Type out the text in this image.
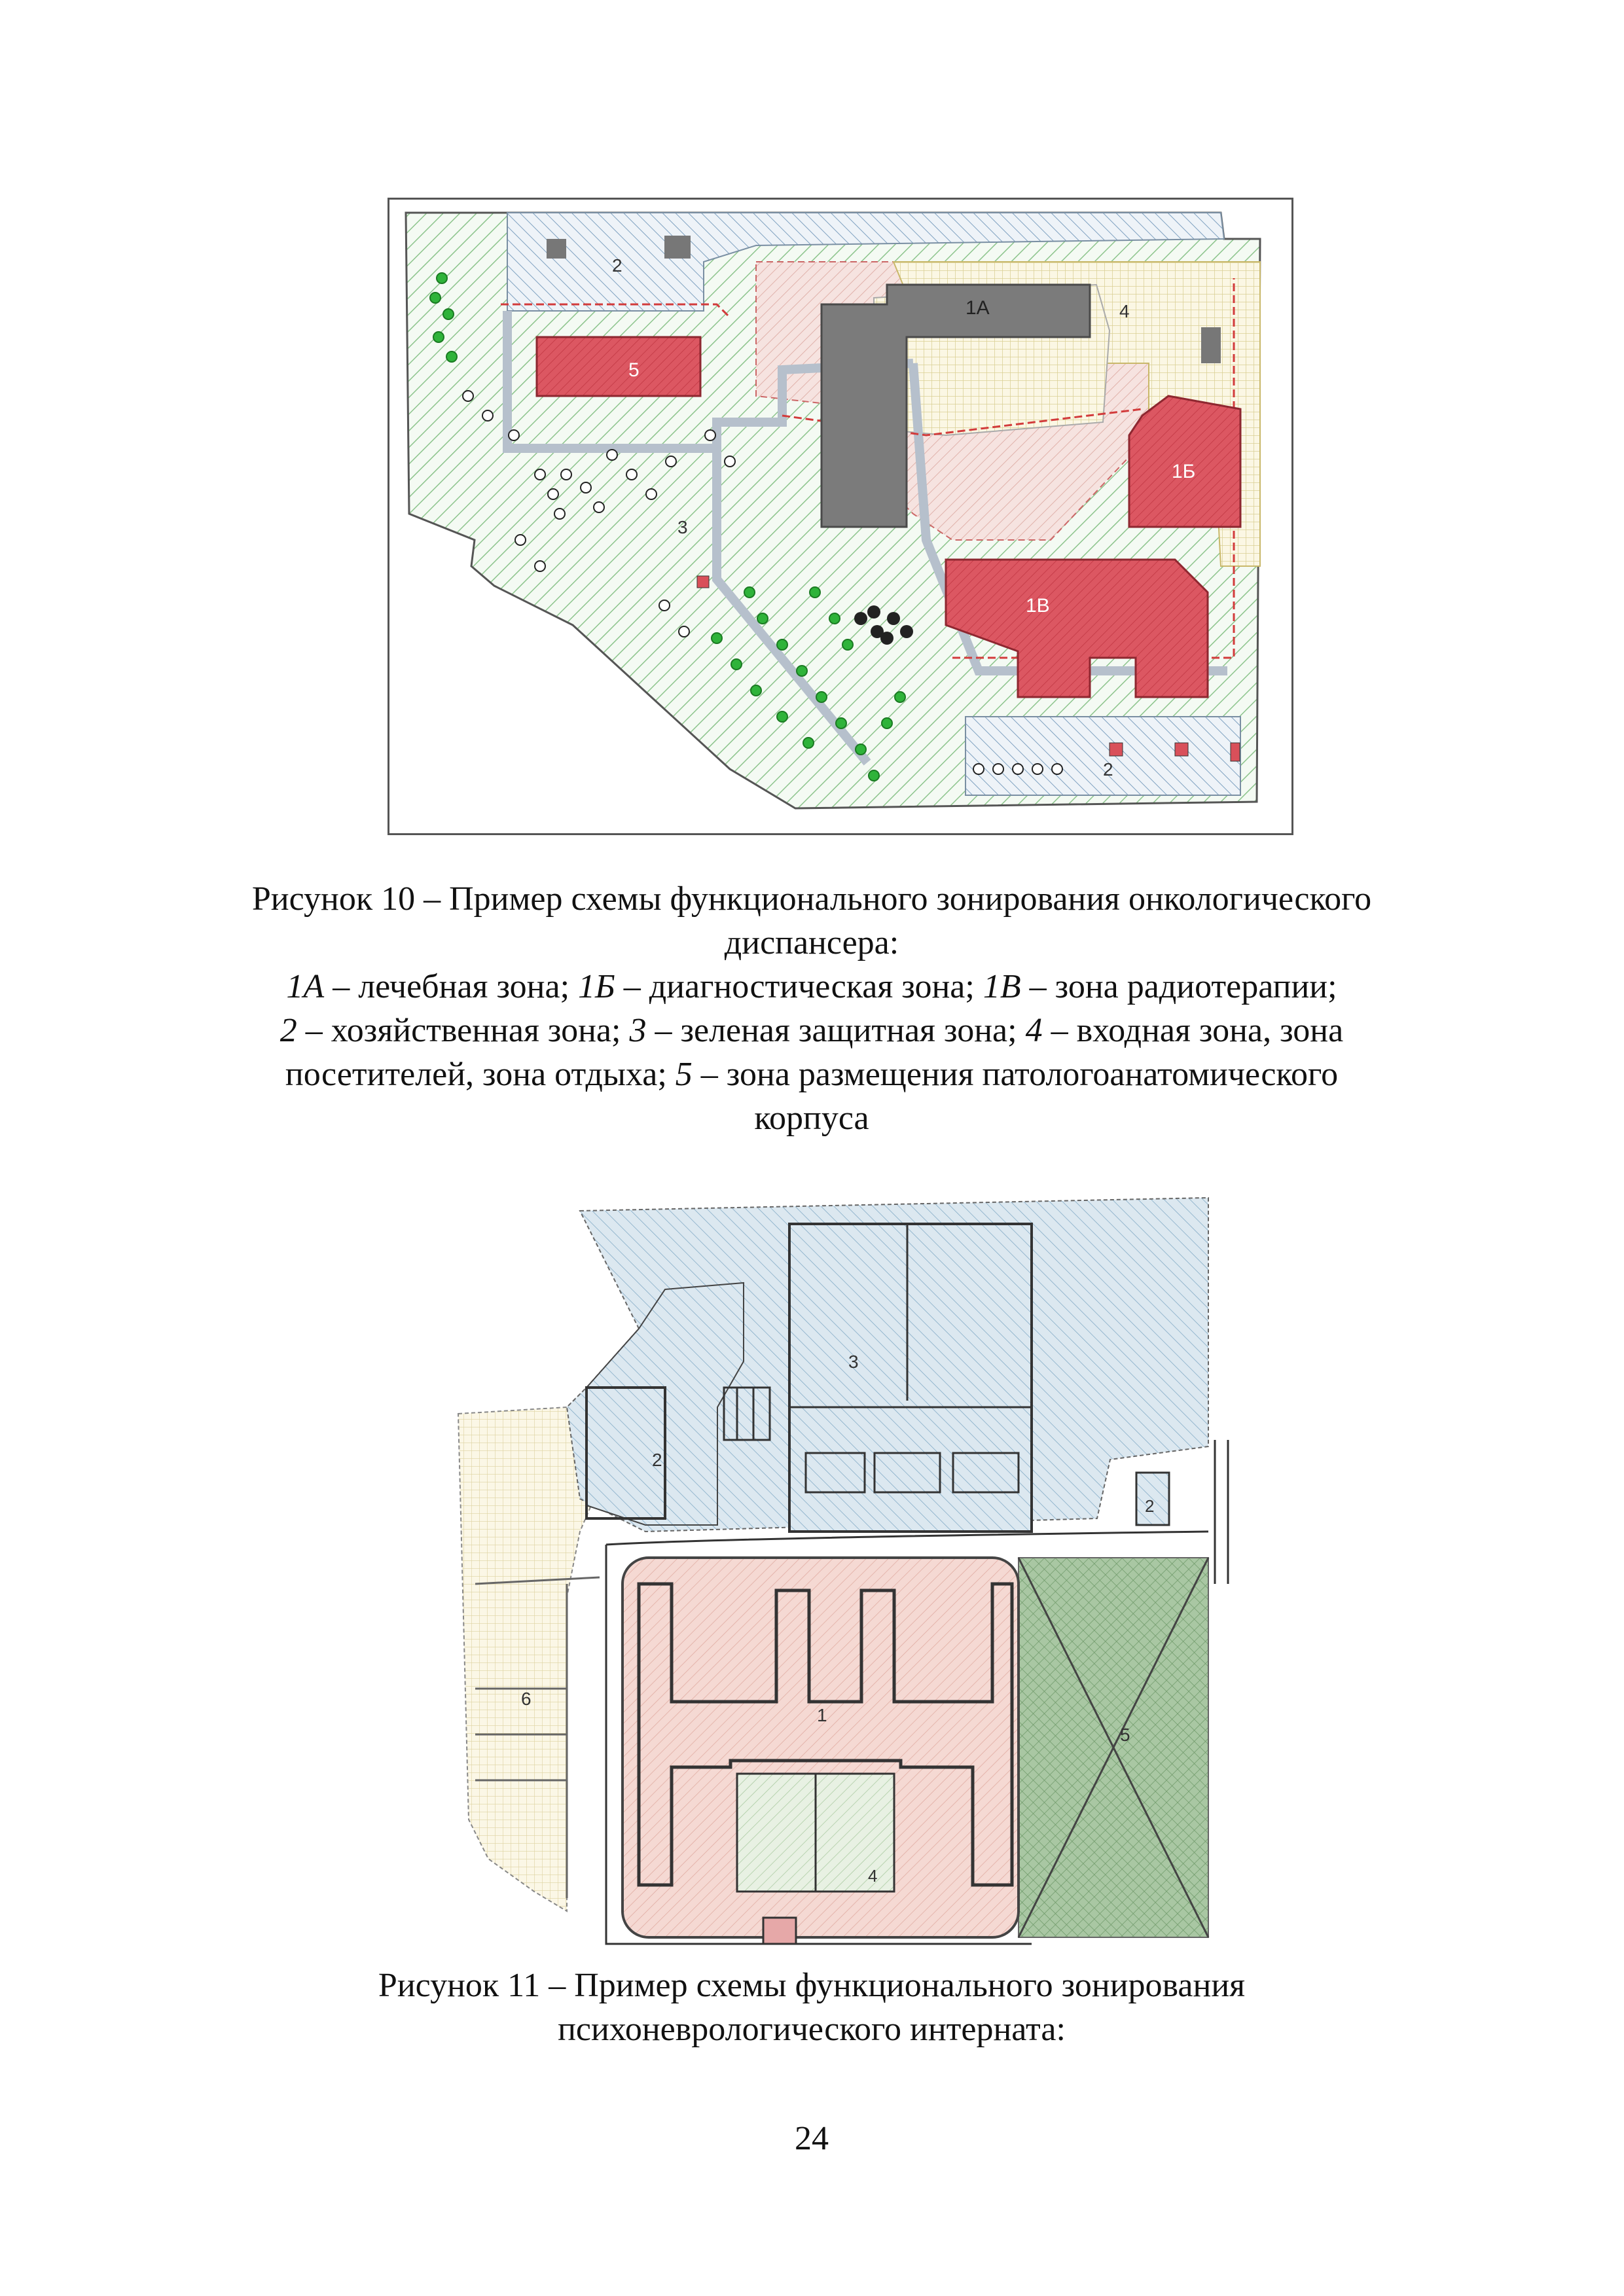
1А
5
1Б
1В
2
3
4
2
Рисунок 10 – Пример схемы функционального зонирования онкологического
диспансера:
1А – лечебная зона; 1Б – диагностическая зона; 1В – зона радиотерапии;
2 – хозяйственная зона; 3 – зеленая защитная зона; 4 – входная зона, зона
посетителей, зона отдыха; 5 – зона размещения патологоанатомического
корпуса
6
2
3
2
5
1
4
Рисунок 11 – Пример схемы функционального зонирования
психоневрологического интерната:
24
